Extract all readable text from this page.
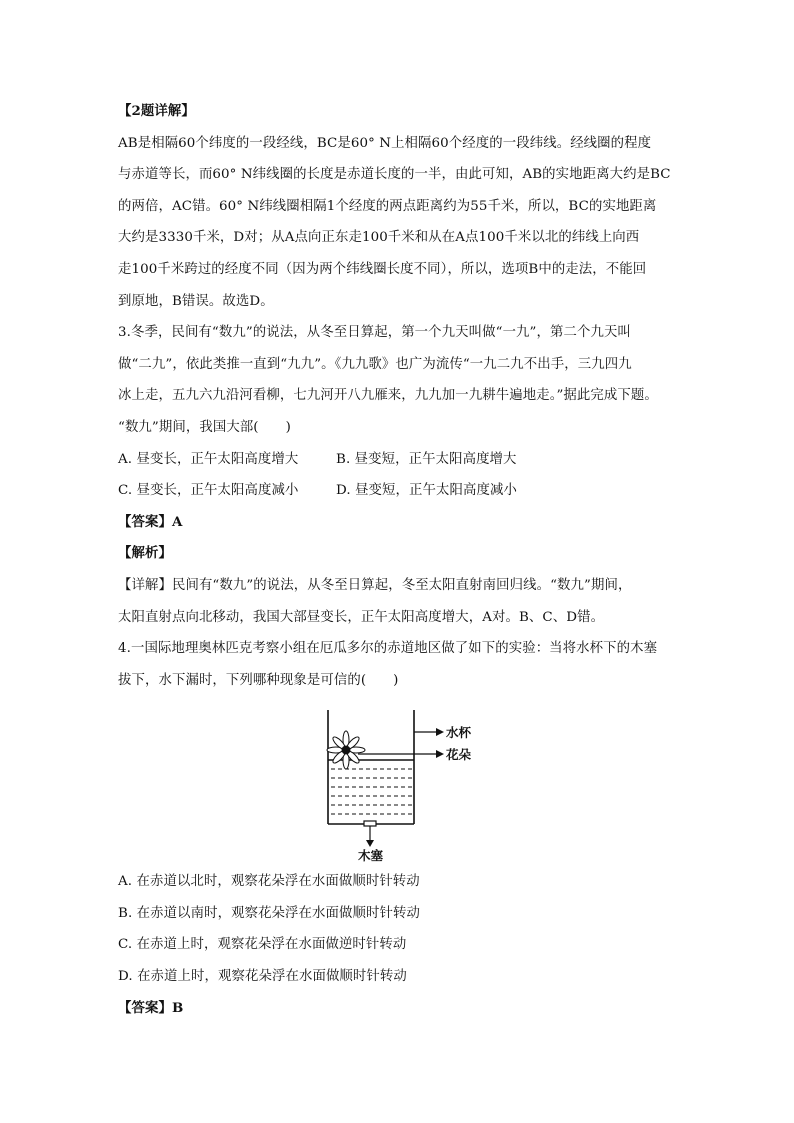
【2题详解】
AB是相隔60个纬度的一段经线，BC是60° N上相隔60个经度的一段纬线。经线圈的程度
与赤道等长，而60° N纬线圈的长度是赤道长度的一半，由此可知，AB的实地距离大约是BC
的两倍，AC错。60° N纬线圈相隔1个经度的两点距离约为55千米，所以，BC的实地距离
大约是3330千米，D对；从A点向正东走100千米和从在A点100千米以北的纬线上向西
走100千米跨过的经度不同（因为两个纬线圈长度不同），所以，选项B中的走法，不能回
到原地，B错误。故选D。
3.冬季，民间有“数九”的说法，从冬至日算起，第一个九天叫做“一九”，第二个九天叫
做“二九”，依此类推一直到“九九”。《九九歌》也广为流传“一九二九不出手，三九四九
冰上走，五九六九沿河看柳，七九河开八九雁来，九九加一九耕牛遍地走。”据此完成下题。
“数九”期间，我国大部(　　)
A. 昼变长，正午太阳高度增大	B. 昼变短，正午太阳高度增大
C. 昼变长，正午太阳高度减小	D. 昼变短，正午太阳高度减小
【答案】A
【解析】
【详解】民间有“数九”的说法，从冬至日算起，冬至太阳直射南回归线。“数九”期间，
太阳直射点向北移动，我国大部昼变长，正午太阳高度增大，A对。B、C、D错。
4.一国际地理奥林匹克考察小组在厄瓜多尔的赤道地区做了如下的实验：当将水杯下的木塞
拔下，水下漏时，下列哪种现象是可信的(　　)
水杯
花朵
木塞
A. 在赤道以北时，观察花朵浮在水面做顺时针转动
B. 在赤道以南时，观察花朵浮在水面做顺时针转动
C. 在赤道上时，观察花朵浮在水面做逆时针转动
D. 在赤道上时，观察花朵浮在水面做顺时针转动
【答案】B
